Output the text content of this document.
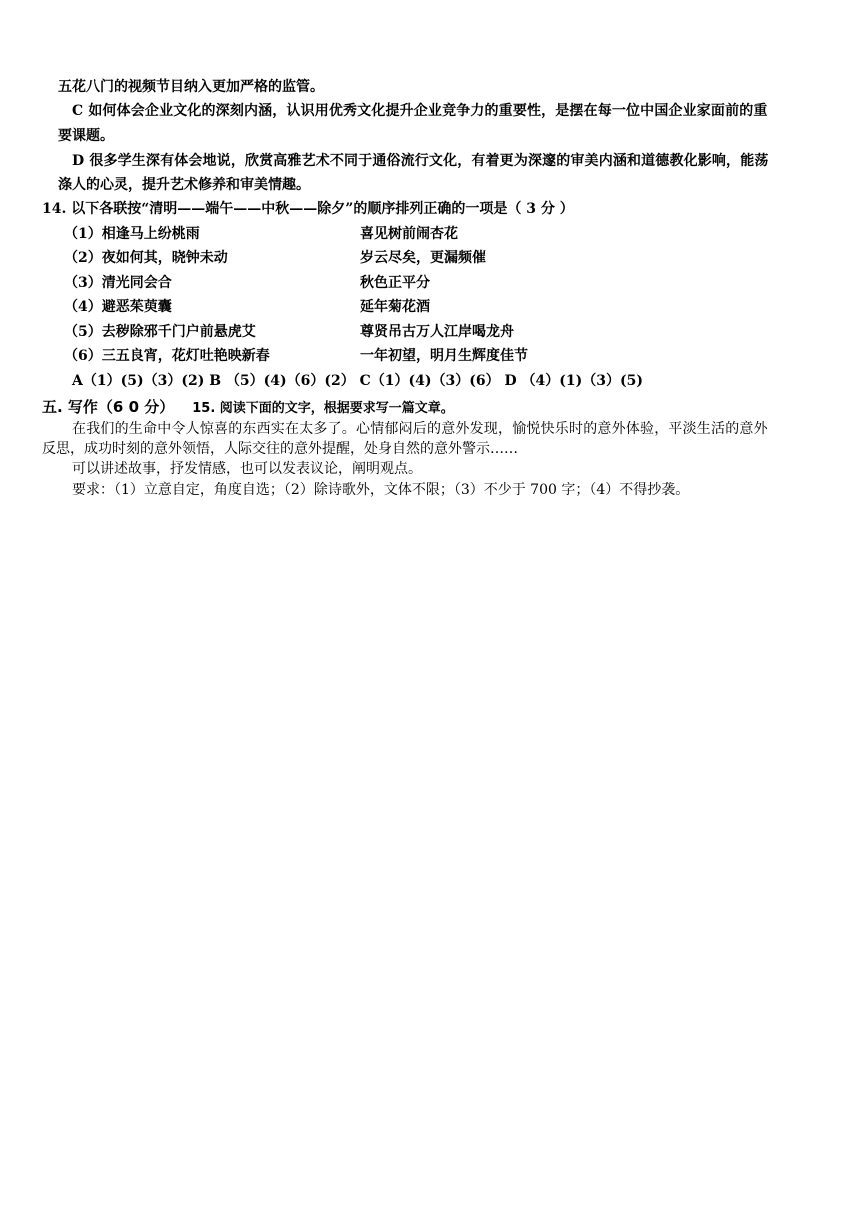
五花八门的视频节目纳入更加严格的监管。
C 如何体会企业文化的深刻内涵，认识用优秀文化提升企业竞争力的重要性，是摆在每一位中国企业家面前的重
要课题。
D 很多学生深有体会地说，欣赏高雅艺术不同于通俗流行文化，有着更为深邃的审美内涵和道德教化影响，能荡
涤人的心灵，提升艺术修养和审美情趣。
14. 以下各联按“清明——端午——中秋——除夕”的顺序排列正确的一项是（ 3 分 ）
（1）相逢马上纷桃雨	喜见树前闹杏花
（2）夜如何其，晓钟未动	岁云尽矣，更漏频催
（3）清光同会合	秋色正平分
（4）避恶茱萸囊	延年菊花酒
（5）去秽除邪千门户前悬虎艾	尊贤吊古万人江岸喝龙舟
（6）三五良宵，花灯吐艳映新春	一年初望，明月生辉度佳节
A（1）(5)（3）(2) B （5）(4)（6）(2） C（1）(4)（3）(6） D （4）(1)（3）(5)
五. 写作（6 0 分） 15. 阅读下面的文字，根据要求写一篇文章。
在我们的生命中令人惊喜的东西实在太多了。心情郁闷后的意外发现，愉悦快乐时的意外体验，平淡生活的意外
反思，成功时刻的意外领悟，人际交往的意外提醒，处身自然的意外警示……
可以讲述故事，抒发情感，也可以发表议论，阐明观点。
要求：（1）立意自定，角度自选；（2）除诗歌外，文体不限；（3）不少于 700 字；（4）不得抄袭。
